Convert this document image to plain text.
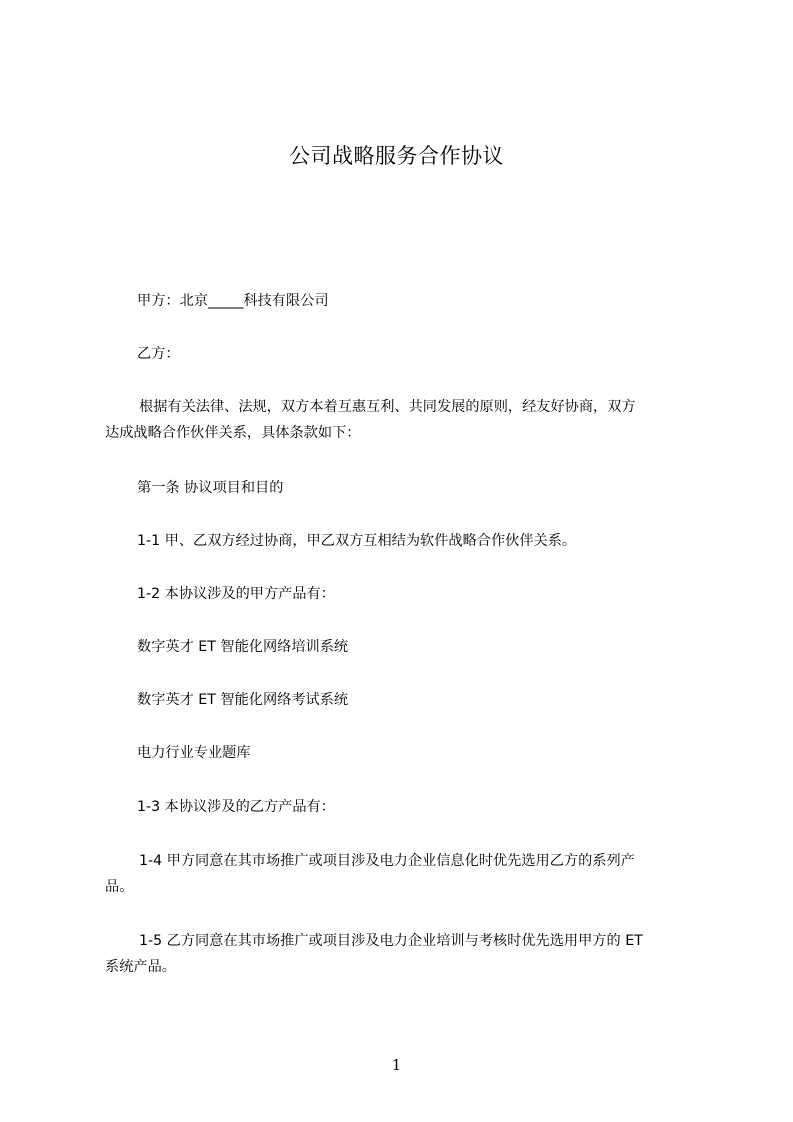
公司战略服务合作协议
甲方：北京_____科技有限公司
乙方：
根据有关法律、法规，双方本着互惠互利、共同发展的原则，经友好协商，双方
达成战略合作伙伴关系，具体条款如下：
第一条 协议项目和目的
1-1 甲、乙双方经过协商，甲乙双方互相结为软件战略合作伙伴关系。
1-2 本协议涉及的甲方产品有：
数字英才 ET 智能化网络培训系统
数字英才 ET 智能化网络考试系统
电力行业专业题库
1-3 本协议涉及的乙方产品有：
1-4 甲方同意在其市场推广或项目涉及电力企业信息化时优先选用乙方的系列产
品。
1-5 乙方同意在其市场推广或项目涉及电力企业培训与考核时优先选用甲方的 ET
系统产品。
1
